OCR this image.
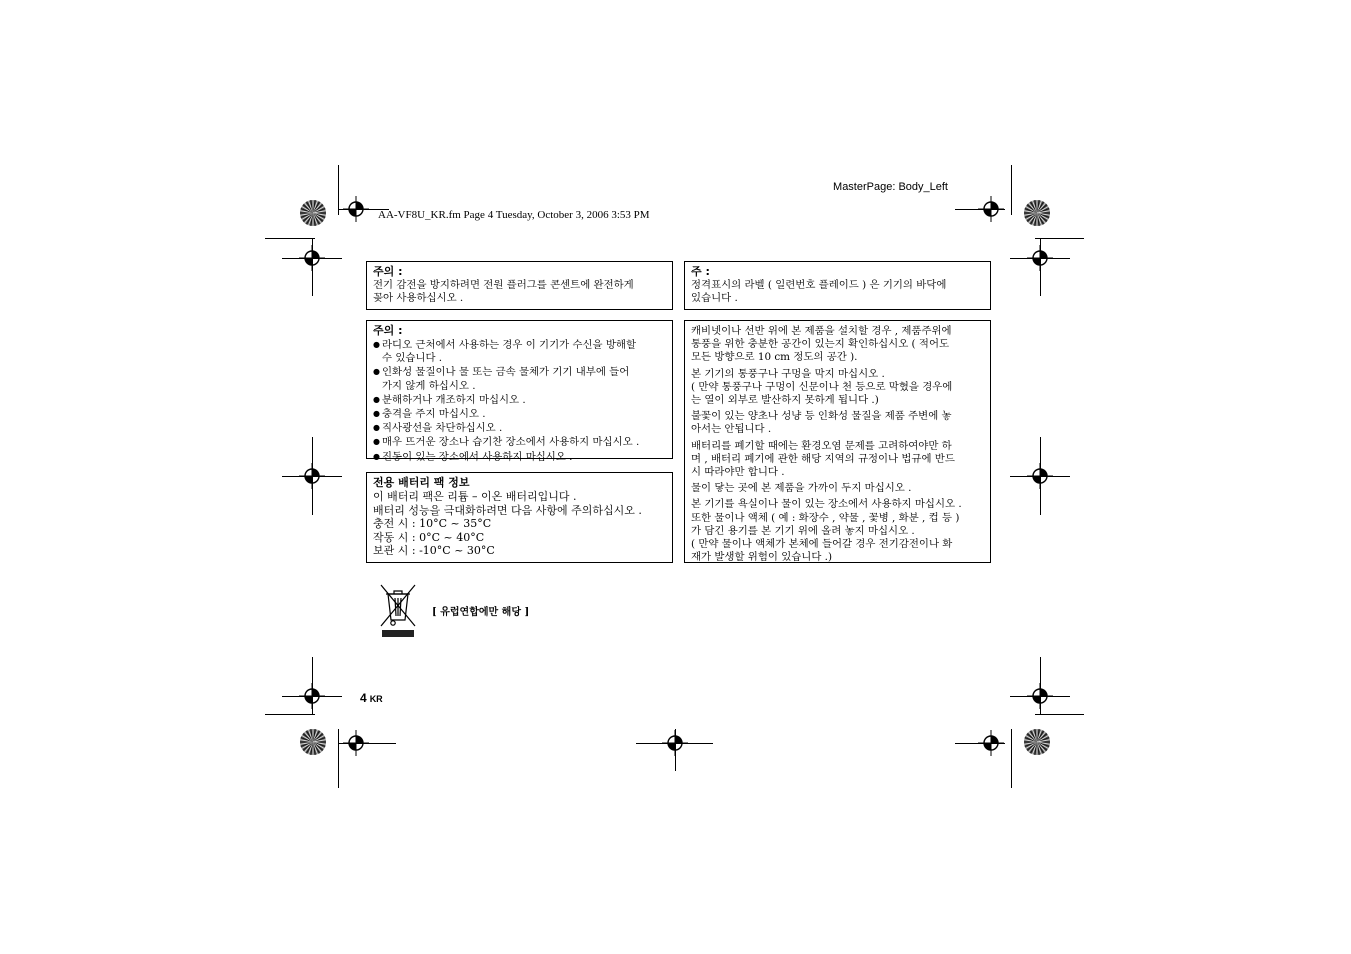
MasterPage: Body_Left
AA-VF8U_KR.fm Page 4 Tuesday, October 3, 2006 3:53 PM
주의 :

전기 감전을 방지하려면 전원 플러그를 콘센트에 완전하게

꽂아 사용하십시오 .

주의 :
● 라디오 근처에서 사용하는 경우 이 기기가 수신을 방해할
수 있습니다 .
● 인화성 물질이나 물 또는 금속 물체가 기기 내부에 들어
가지 않게 하십시오 .
● 분해하거나 개조하지 마십시오 .
● 충격을 주지 마십시오 .
● 직사광선을 차단하십시오 .
● 매우 뜨거운 장소나 습기찬 장소에서 사용하지 마십시오 .
● 진동이 있는 장소에서 사용하지 마십시오 .
전용 배터리 팩 정보

이 배터리 팩은 리튬 – 이온 배터리입니다 .

배터리 성능을 극대화하려면 다음 사항에 주의하십시오 .

충전 시 : 10°C ~ 35°C

작동 시 : 0°C ~ 40°C

보관 시 : -10°C ~ 30°C

[ 유럽연합에만 해당 ]
주 :

정격표시의 라벨 ( 일련번호 플레이드 ) 은 기기의 바닥에

있습니다 .

캐비넷이나 선반 위에 본 제품을 설치할 경우 , 제품주위에

통풍을 위한 충분한 공간이 있는지 확인하십시오 ( 적어도

모든 방향으로 10 cm 정도의 공간 ).

본 기기의 통풍구나 구멍을 막지 마십시오 .

( 만약 통풍구나 구멍이 신문이나 천 등으로 막혔을 경우에

는 열이 외부로 발산하지 못하게 됩니다 .)

불꽃이 있는 양초나 성냥 등 인화성 물질을 제품 주변에 놓

아서는 안됩니다 .

배터리를 폐기할 때에는 환경오염 문제를 고려하여야만 하

며 , 배터리 폐기에 관한 해당 지역의 규정이나 법규에 반드

시 따라야만 합니다 .

물이 닿는 곳에 본 제품을 가까이 두지 마십시오 .

본 기기를 욕실이나 물이 있는 장소에서 사용하지 마십시오 .

또한 물이나 액체 ( 예 : 화장수 , 약물 , 꽃병 , 화분 , 컵 등 )

가 담긴 용기를 본 기기 위에 올려 놓지 마십시오 .

( 만약 물이나 액체가 본체에 들어갈 경우 전기감전이나 화

재가 발생할 위험이 있습니다 .)

4 KR
